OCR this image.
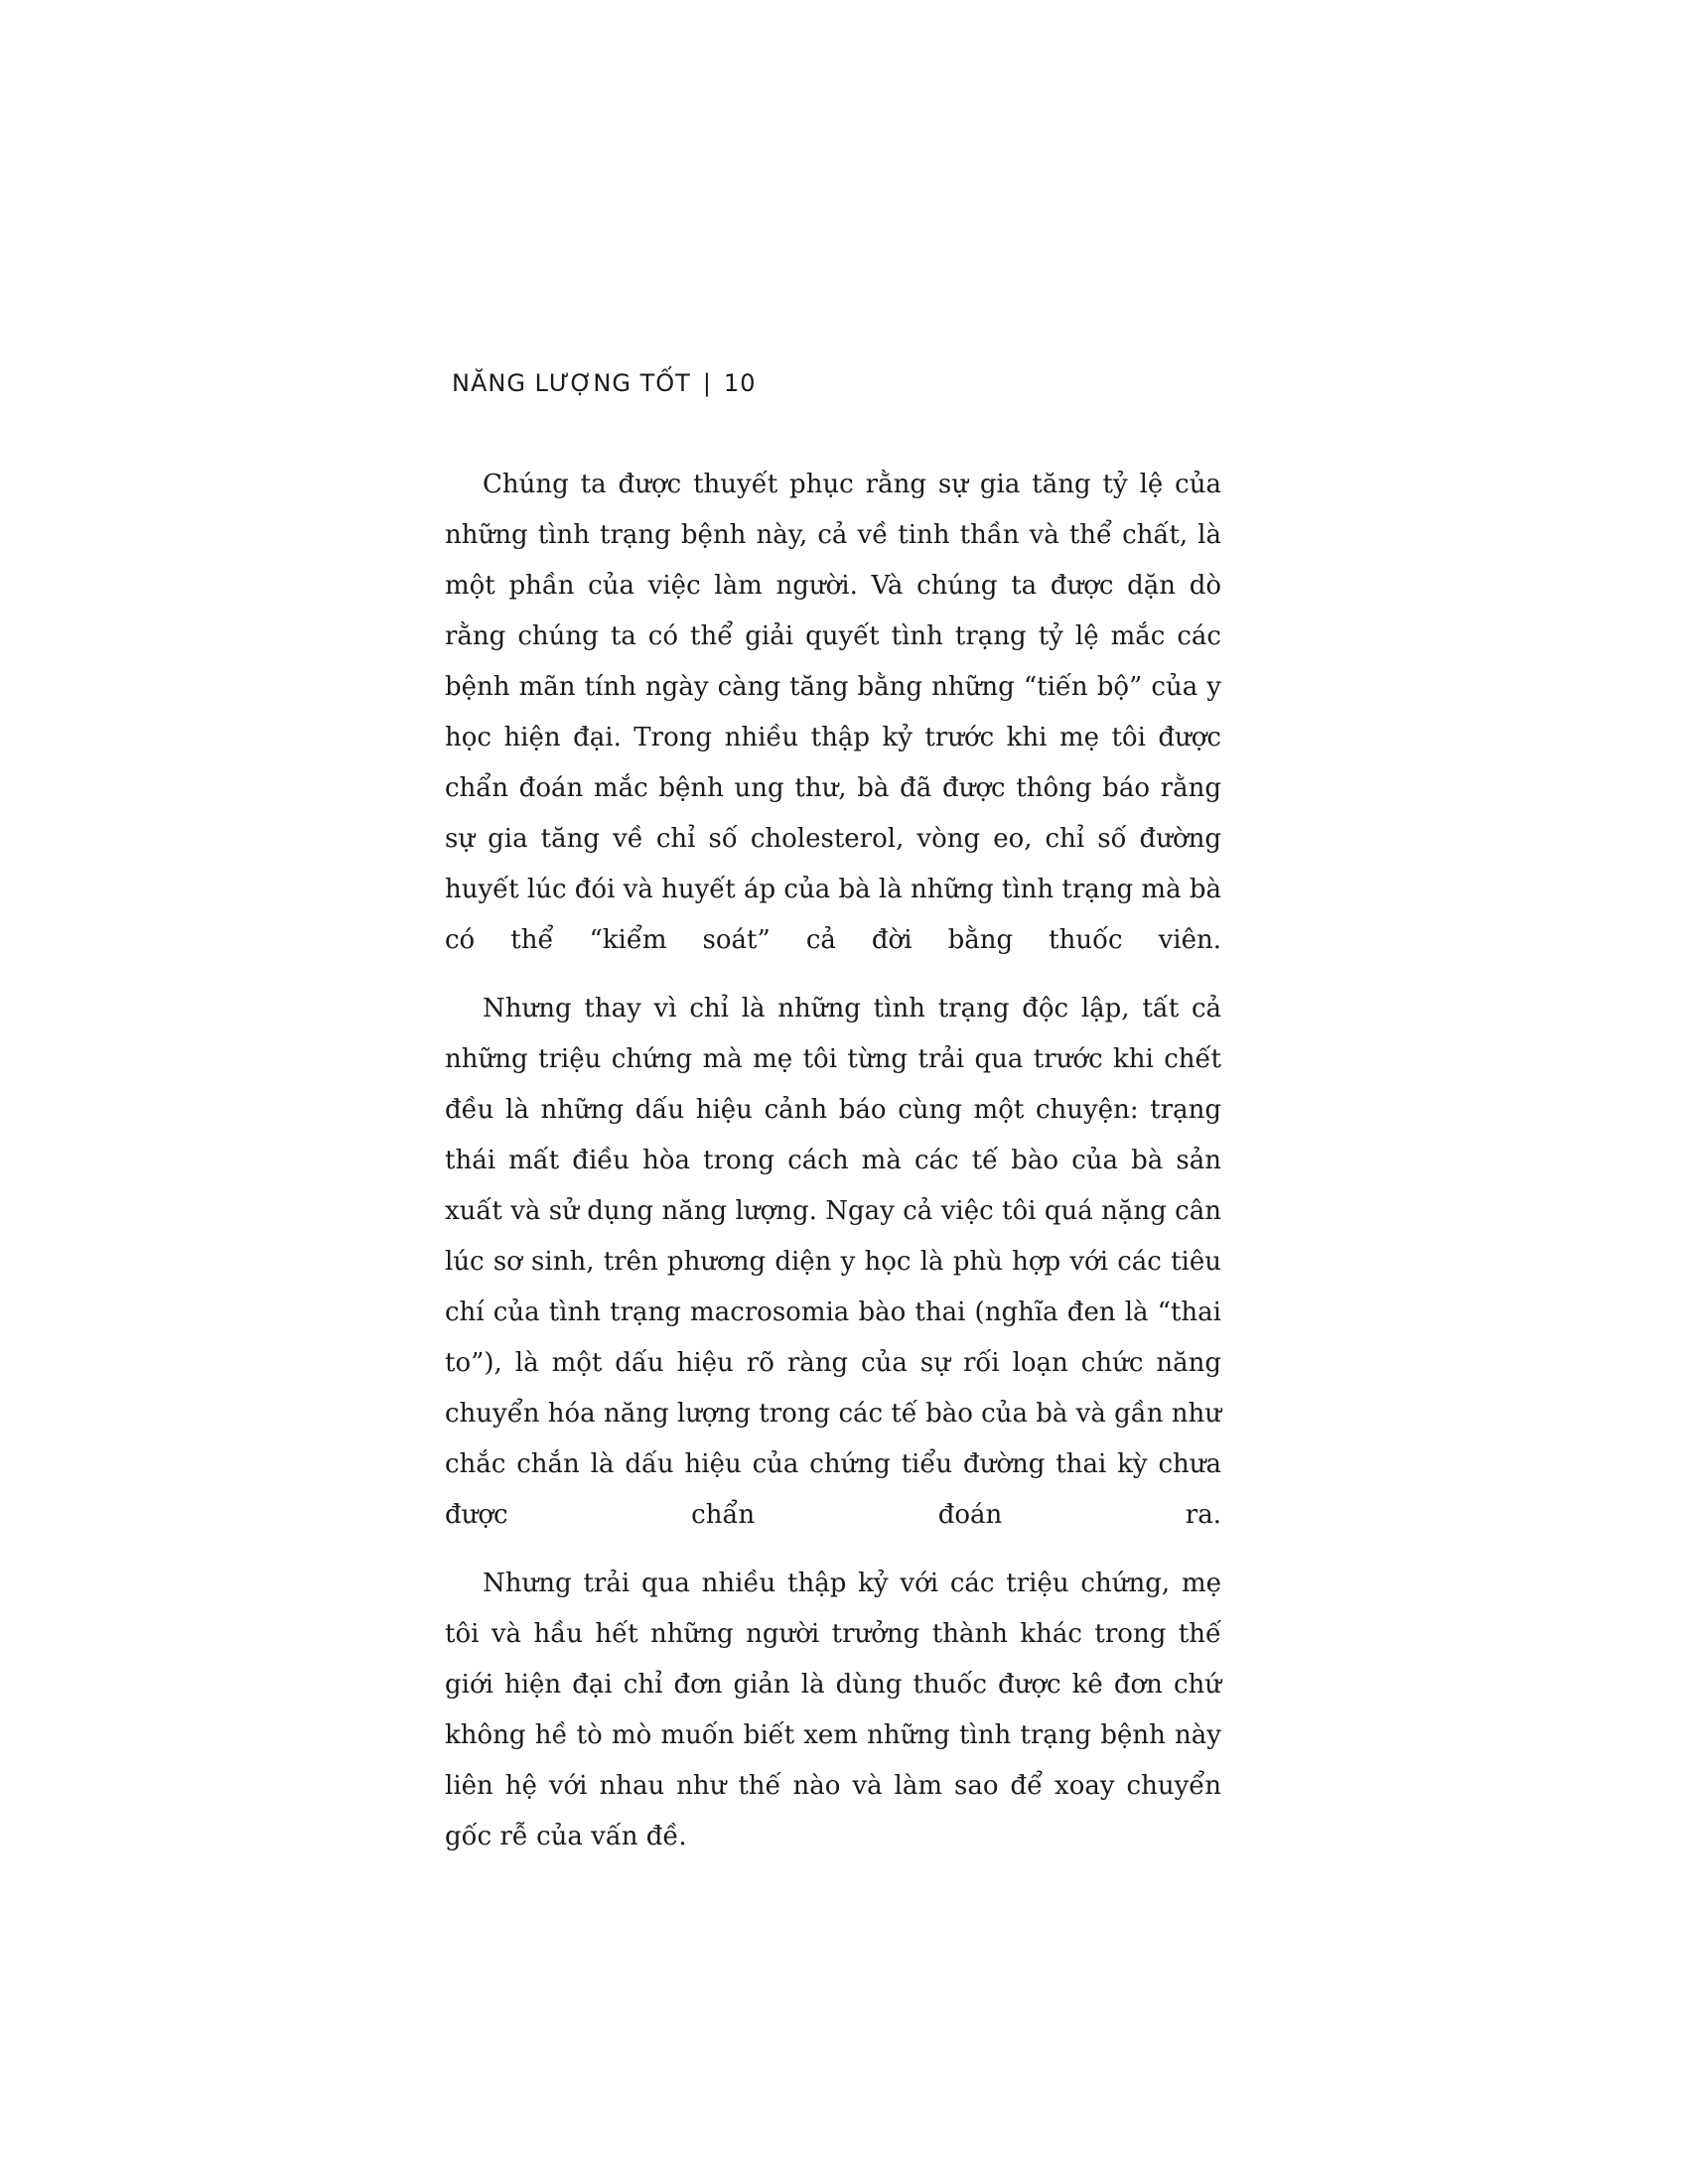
NĂNG LƯỢNG TỐT | 10

Chúng ta được thuyết phục rằng sự gia tăng tỷ lệ của những tình trạng bệnh này, cả về tinh thần và thể chất, là một phần của việc làm người. Và chúng ta được dặn dò rằng chúng ta có thể giải quyết tình trạng tỷ lệ mắc các bệnh mãn tính ngày càng tăng bằng những “tiến bộ” của y học hiện đại. Trong nhiều thập kỷ trước khi mẹ tôi được chẩn đoán mắc bệnh ung thư, bà đã được thông báo rằng sự gia tăng về chỉ số cholesterol, vòng eo, chỉ số đường huyết lúc đói và huyết áp của bà là những tình trạng mà bà có thể “kiểm soát” cả đời bằng thuốc viên.

Nhưng thay vì chỉ là những tình trạng độc lập, tất cả những triệu chứng mà mẹ tôi từng trải qua trước khi chết đều là những dấu hiệu cảnh báo cùng một chuyện: trạng thái mất điều hòa trong cách mà các tế bào của bà sản xuất và sử dụng năng lượng. Ngay cả việc tôi quá nặng cân lúc sơ sinh, trên phương diện y học là phù hợp với các tiêu chí của tình trạng macrosomia bào thai (nghĩa đen là “thai to”), là một dấu hiệu rõ ràng của sự rối loạn chức năng chuyển hóa năng lượng trong các tế bào của bà và gần như chắc chắn là dấu hiệu của chứng tiểu đường thai kỳ chưa được chẩn đoán ra.

Nhưng trải qua nhiều thập kỷ với các triệu chứng, mẹ tôi và hầu hết những người trưởng thành khác trong thế giới hiện đại chỉ đơn giản là dùng thuốc được kê đơn chứ không hề tò mò muốn biết xem những tình trạng bệnh này liên hệ với nhau như thế nào và làm sao để xoay chuyển gốc rễ của vấn đề.
